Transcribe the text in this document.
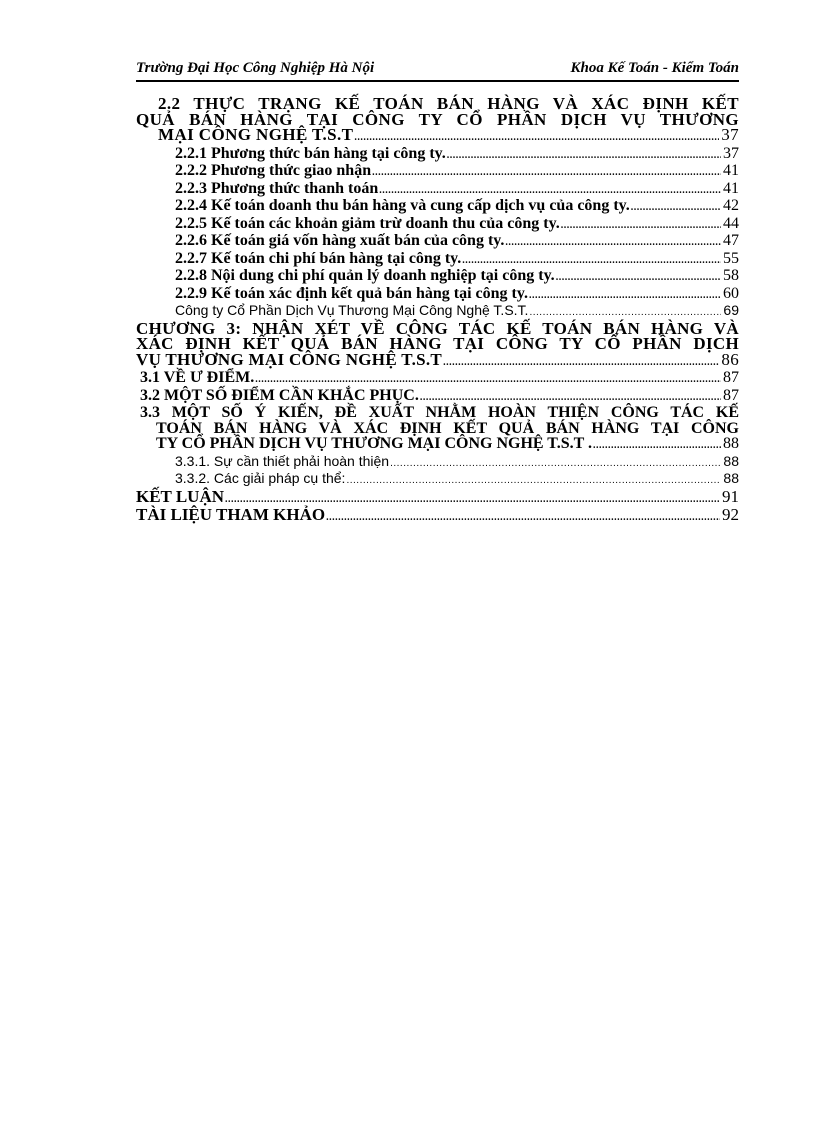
Trường Đại Học Công Nghiệp Hà Nội	Khoa Kế Toán - Kiểm Toán
2.2 THỰC TRẠNG KẾ TOÁN BÁN HÀNG VÀ XÁC ĐỊNH KẾT
QUẢ BÁN HÀNG TẠI CÔNG TY CỔ PHẦN DỊCH VỤ THƯƠNG
MẠI CÔNG NGHỆ T.S.T .....	37
2.2.1 Phương thức bán hàng tại công ty. .....	37
2.2.2 Phương thức giao nhận .....	41
2.2.3 Phương thức thanh toán .....	41
2.2.4 Kế toán doanh thu bán hàng và cung cấp dịch vụ của công ty. .....	42
2.2.5 Kế toán các khoản giảm trừ doanh thu của công ty. .....	44
2.2.6 Kế toán giá vốn hàng xuất bán của công ty. .....	47
2.2.7 Kế toán chi phí bán hàng tại công ty. .....	55
2.2.8 Nội dung chi phí quản lý doanh nghiệp tại công ty. .....	58
2.2.9 Kế toán xác định kết quả bán hàng tại công ty. .....	60
Công ty Cổ Phần Dịch Vụ Thương Mại Công Nghệ T.S.T. .....	69
CHƯƠNG 3: NHẬN XÉT VỀ CÔNG TÁC KẾ TOÁN BÁN HÀNG VÀ
XÁC ĐỊNH KẾT QUẢ BÁN HÀNG TẠI CÔNG TY CỔ PHẦN DỊCH
VỤ THƯƠNG MẠI CÔNG NGHỆ T.S.T .....	86
3.1 VỀ Ư ĐIỂM. .....	87
3.2 MỘT SỐ ĐIỂM CẦN KHẮC PHỤC. .....	87
3.3 MỘT SỐ Ý KIẾN, ĐỀ XUẤT NHẰM HOÀN THIỆN CÔNG TÁC KẾ
TOÁN BÁN HÀNG VÀ XÁC ĐỊNH KẾT QUẢ BÁN HÀNG TẠI CÔNG
TY CỔ PHẦN DỊCH VỤ THƯƠNG MẠI CÔNG NGHỆ T.S.T . .....	88
3.3.1. Sự cần thiết phải hoàn thiện .....	88
3.3.2. Các giải pháp cụ thể: .....	88
KẾT LUẬN .....	91
TÀI LIỆU THAM KHẢO .....	92
